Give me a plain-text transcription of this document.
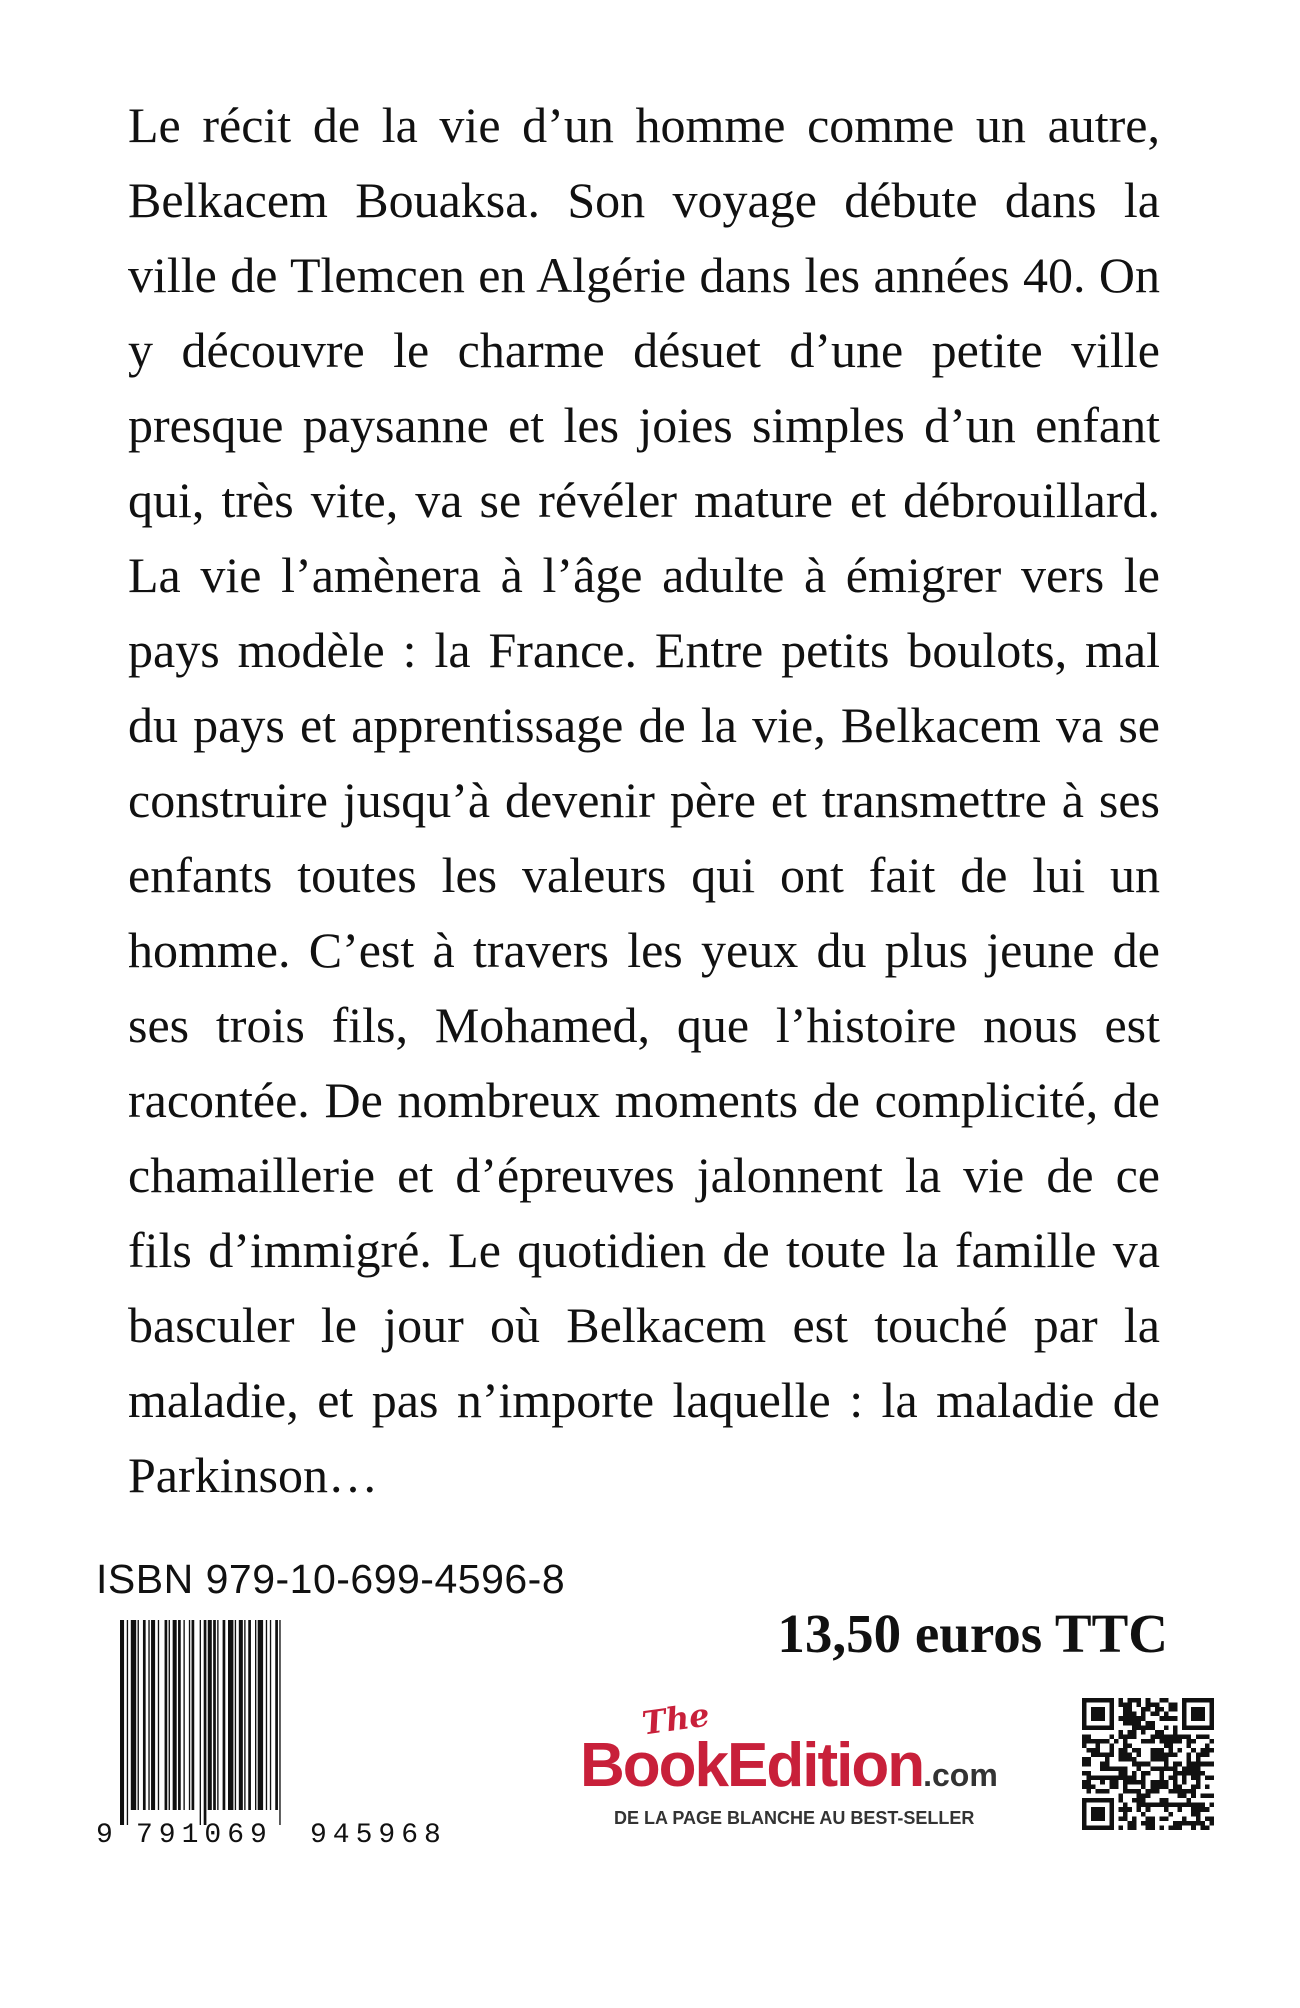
Le récit de la vie d’un homme comme un autre, Belkacem Bouaksa. Son voyage débute dans la ville de Tlemcen en Algérie dans les années 40. On y découvre le charme désuet d’une petite ville presque paysanne et les joies simples d’un enfant qui, très vite, va se révéler mature et débrouillard. La vie l’amènera à l’âge adulte à émigrer vers le pays modèle : la France. Entre petits boulots, mal du pays et apprentissage de la vie, Belkacem va se construire jusqu’à devenir père et transmettre à ses enfants toutes les valeurs qui ont fait de lui un homme. C’est à travers les yeux du plus jeune de ses trois fils, Mohamed, que l’histoire nous est racontée. De nombreux moments de complicité, de chamaillerie et d’épreuves jalonnent la vie de ce fils d’immigré. Le quotidien de toute la famille va basculer le jour où Belkacem est touché par la maladie, et pas n’importe laquelle : la maladie de Parkinson…

ISBN 979-10-699-4596-8
9 791069 945968
13,50 euros TTC
The
BookEdition.com
DE LA PAGE BLANCHE AU BEST-SELLER
